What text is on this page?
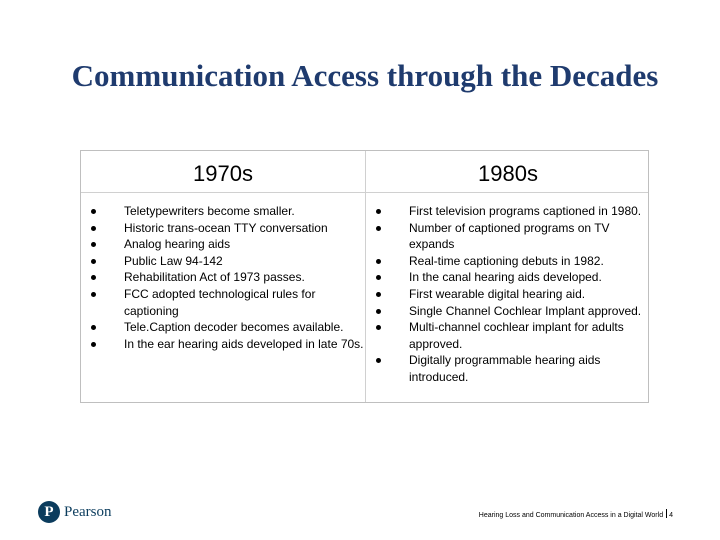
Communication Access through the Decades
1970s	1980s
Teletypewriters become smaller.
Historic trans-ocean TTY conversation
Analog hearing aids
Public Law 94-142
Rehabilitation Act of 1973 passes.
FCC adopted technological rules for captioning
Tele.Caption decoder becomes available.
In the ear hearing aids developed in late 70s.
First television programs captioned in 1980.
Number of captioned programs on TV expands
Real-time captioning debuts in 1982.
In the canal hearing aids developed.
First wearable digital hearing aid.
Single Channel Cochlear Implant approved.
Multi-channel cochlear implant for adults approved.
Digitally programmable hearing aids introduced.
P Pearson	Hearing Loss and Communication Access in a Digital World 4
